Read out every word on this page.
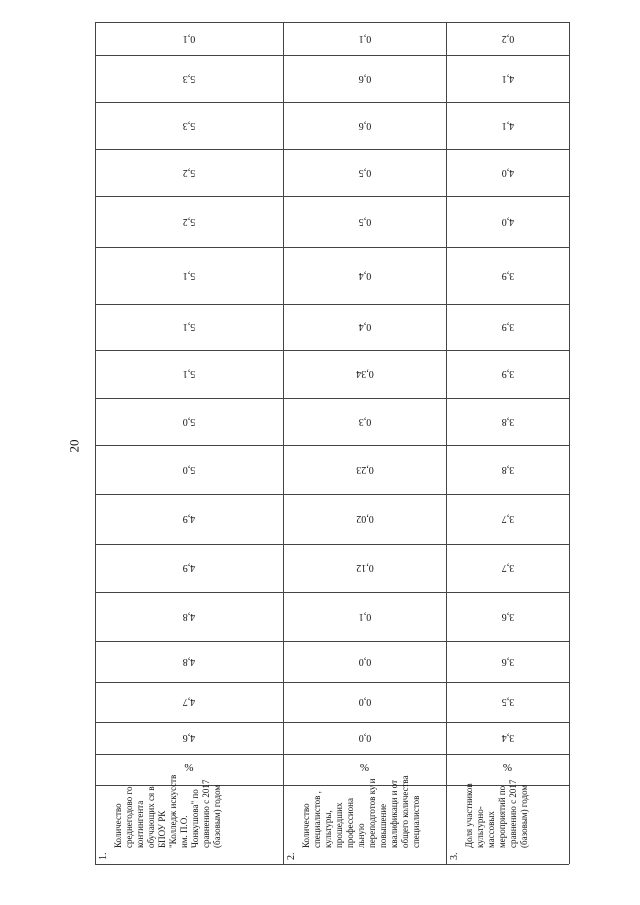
20
4,6
4,7
4,8
4,8
4,9
4,9
5,0
5,0
5,1
5,1
5,1
5,2
5,2
5,3
5,3
0,1
%
1.
Количество среднегодово го контингента обучающих ся в БПОУ РК "Колледж искусств им. П.О. Чонкушова" по сравнению с 2017 (базовым) годом
0,0
0,0
0,0
0,1
0,12
0,02
0,23
0,3
0,34
0,4
0,4
0,5
0,5
0,6
0,6
0,1
%
2.
Количество специалистов , культуры, прошедших профессиона льную переподготов ку и повышение квалификаци и от общего количества специалистов
3,4
3,5
3,6
3,6
3,7
3,7
3,8
3,8
3,9
3,9
3,9
4,0
4,0
4,1
4,1
0,2
%
3.
Доля участников культурно- массовых мероприятий по сравнению с 2017 (базовым) годом
